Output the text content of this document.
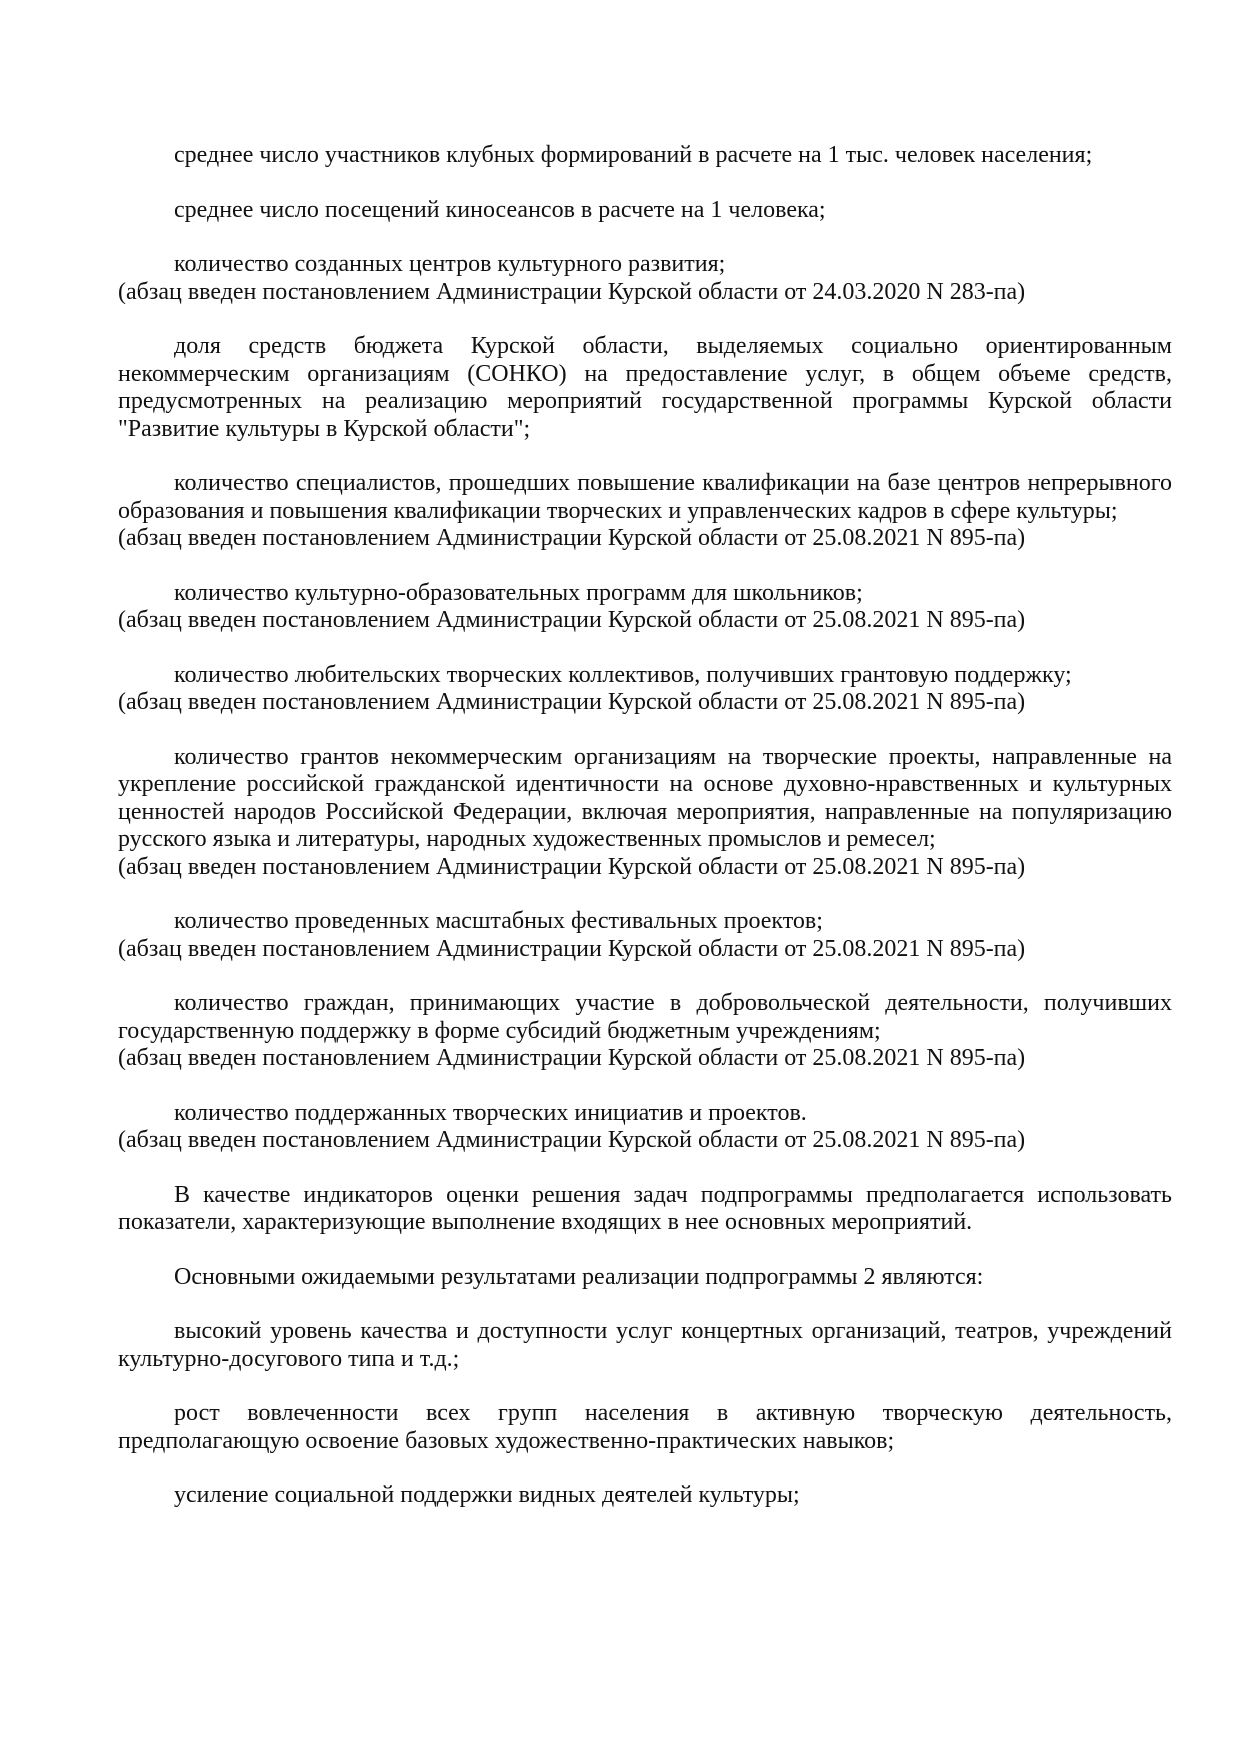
среднее число участников клубных формирований в расчете на 1 тыс. человек населения;

среднее число посещений киносеансов в расчете на 1 человека;

количество созданных центров культурного развития;

(абзац введен постановлением Администрации Курской области от 24.03.2020 N 283-па)

доля средств бюджета Курской области, выделяемых социально ориентированным некоммерческим организациям (СОНКО) на предоставление услуг, в общем объеме средств, предусмотренных на реализацию мероприятий государственной программы Курской области "Развитие культуры в Курской области";

количество специалистов, прошедших повышение квалификации на базе центров непрерывного образования и повышения квалификации творческих и управленческих кадров в сфере культуры;

(абзац введен постановлением Администрации Курской области от 25.08.2021 N 895-па)

количество культурно-образовательных программ для школьников;

(абзац введен постановлением Администрации Курской области от 25.08.2021 N 895-па)

количество любительских творческих коллективов, получивших грантовую поддержку;

(абзац введен постановлением Администрации Курской области от 25.08.2021 N 895-па)

количество грантов некоммерческим организациям на творческие проекты, направленные на укрепление российской гражданской идентичности на основе духовно-нравственных и культурных ценностей народов Российской Федерации, включая мероприятия, направленные на популяризацию русского языка и литературы, народных художественных промыслов и ремесел;

(абзац введен постановлением Администрации Курской области от 25.08.2021 N 895-па)

количество проведенных масштабных фестивальных проектов;

(абзац введен постановлением Администрации Курской области от 25.08.2021 N 895-па)

количество граждан, принимающих участие в добровольческой деятельности, получивших государственную поддержку в форме субсидий бюджетным учреждениям;

(абзац введен постановлением Администрации Курской области от 25.08.2021 N 895-па)

количество поддержанных творческих инициатив и проектов.

(абзац введен постановлением Администрации Курской области от 25.08.2021 N 895-па)

В качестве индикаторов оценки решения задач подпрограммы предполагается использовать показатели, характеризующие выполнение входящих в нее основных мероприятий.

Основными ожидаемыми результатами реализации подпрограммы 2 являются:

высокий уровень качества и доступности услуг концертных организаций, театров, учреждений культурно-досугового типа и т.д.;

рост вовлеченности всех групп населения в активную творческую деятельность, предполагающую освоение базовых художественно-практических навыков;

усиление социальной поддержки видных деятелей культуры;
